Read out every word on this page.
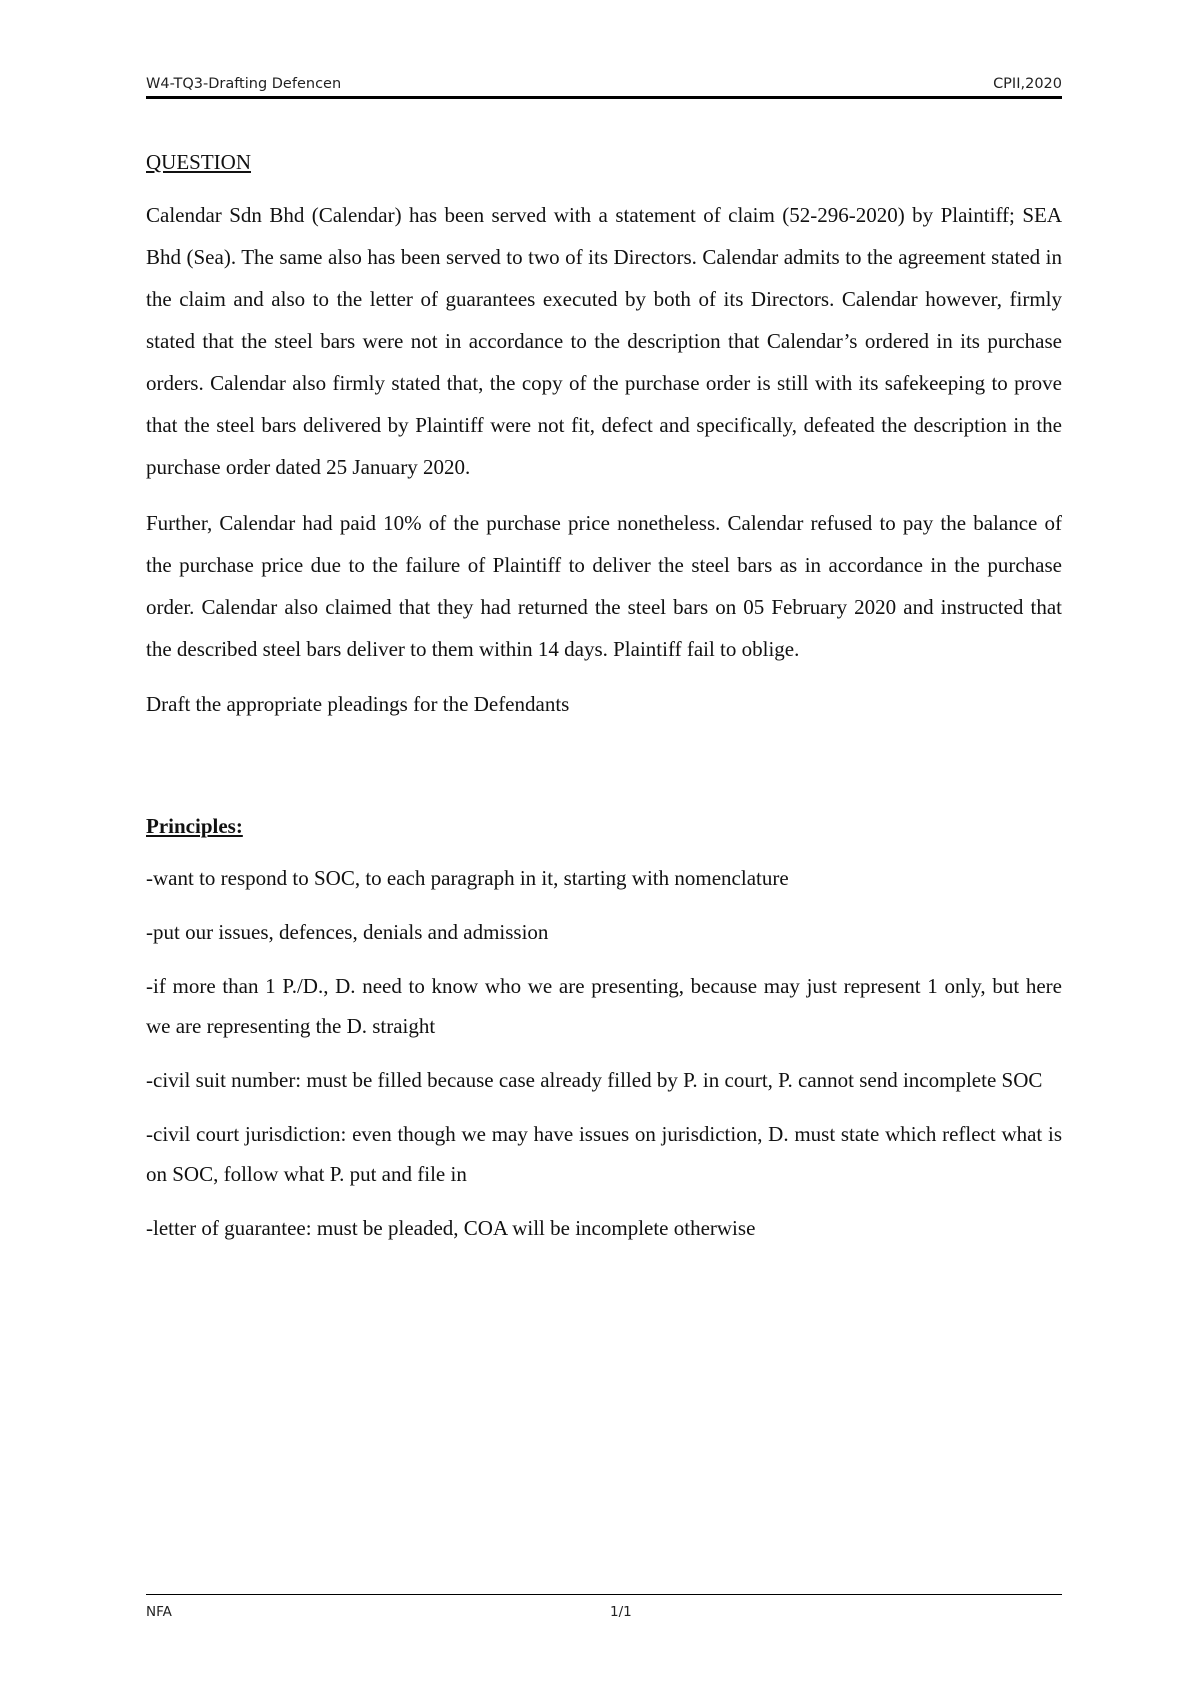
W4-TQ3-Drafting Defencen	CPII,2020
QUESTION

Calendar Sdn Bhd (Calendar) has been served with a statement of claim (52-296-2020) by Plaintiff; SEA Bhd (Sea). The same also has been served to two of its Directors. Calendar admits to the agreement stated in the claim and also to the letter of guarantees executed by both of its Directors. Calendar however, firmly stated that the steel bars were not in accordance to the description that Calendar’s ordered in its purchase orders. Calendar also firmly stated that, the copy of the purchase order is still with its safekeeping to prove that the steel bars delivered by Plaintiff were not fit, defect and specifically, defeated the description in the purchase order dated 25 January 2020.

Further, Calendar had paid 10% of the purchase price nonetheless. Calendar refused to pay the balance of the purchase price due to the failure of Plaintiff to deliver the steel bars as in accordance in the purchase order. Calendar also claimed that they had returned the steel bars on 05 February 2020 and instructed that the described steel bars deliver to them within 14 days. Plaintiff fail to oblige.

Draft the appropriate pleadings for the Defendants

Principles:

-want to respond to SOC, to each paragraph in it, starting with nomenclature

-put our issues, defences, denials and admission

-if more than 1 P./D., D. need to know who we are presenting, because may just represent 1 only, but here we are representing the D. straight

-civil suit number: must be filled because case already filled by P. in court, P. cannot send incomplete SOC

-civil court jurisdiction: even though we may have issues on jurisdiction, D. must state which reflect what is on SOC, follow what P. put and file in

-letter of guarantee: must be pleaded, COA will be incomplete otherwise

NFA	1/1
